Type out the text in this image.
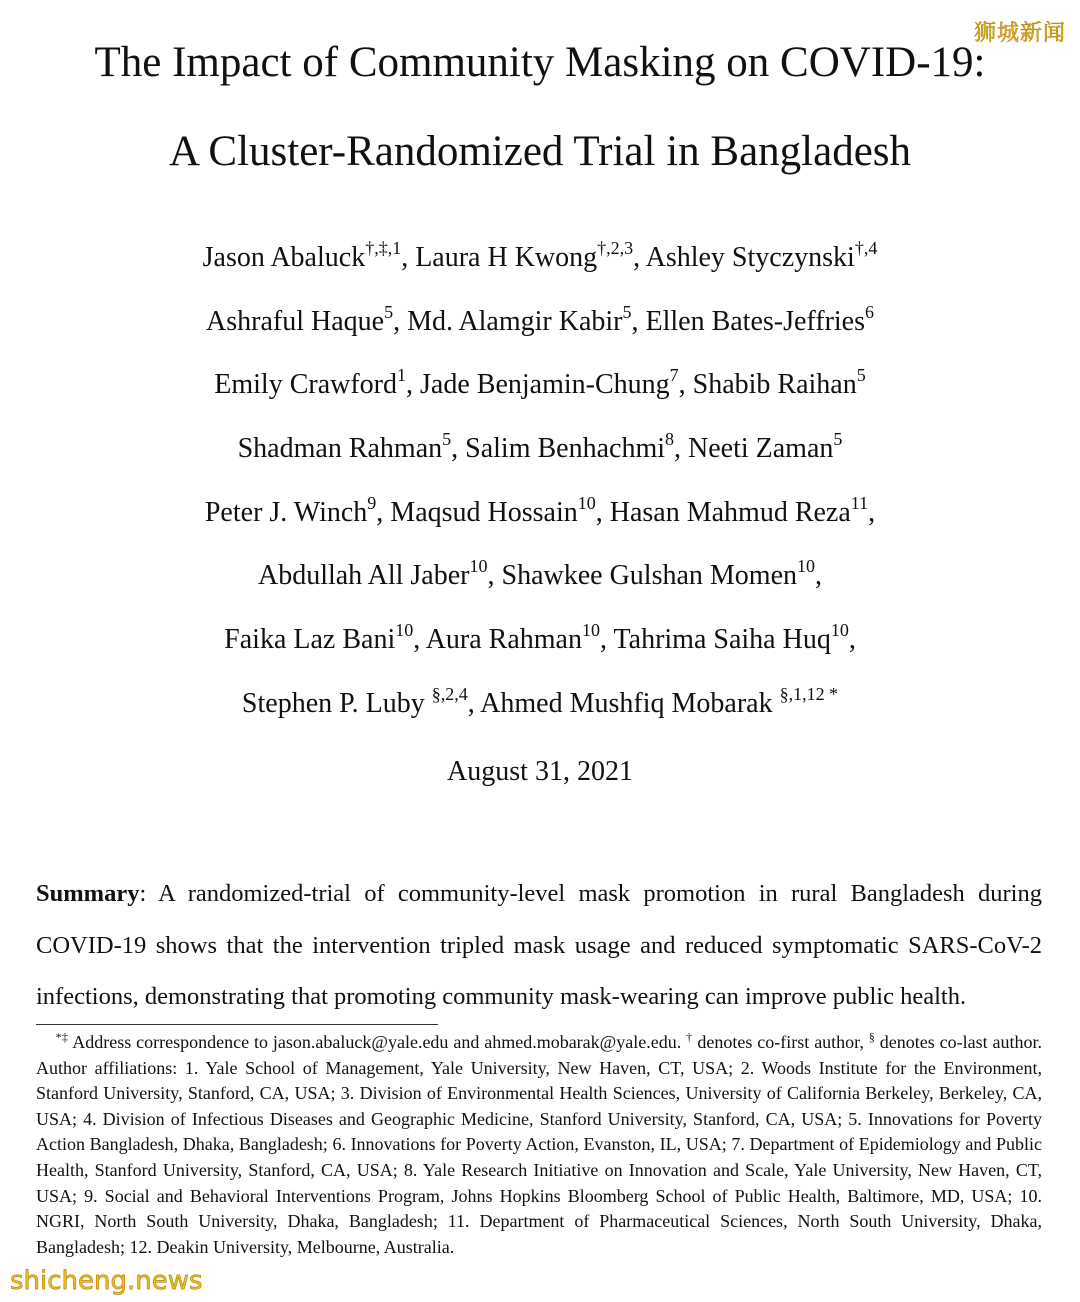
狮城新闻
The Impact of Community Masking on COVID-19:
A Cluster-Randomized Trial in Bangladesh
Jason Abaluck$^{\dagger,\ddagger,1}$, Laura H Kwong$^{\dagger,2,3}$, Ashley Styczynski$^{\dagger,4}$
Ashraful Haque$^5$, Md. Alamgir Kabir$^5$, Ellen Bates-Jeffries$^6$
Emily Crawford$^1$, Jade Benjamin-Chung$^7$, Shabib Raihan$^5$
Shadman Rahman$^5$, Salim Benhachmi$^8$, Neeti Zaman$^5$
Peter J. Winch$^9$, Maqsud Hossain$^{10}$, Hasan Mahmud Reza$^{11}$,
Abdullah All Jaber$^{10}$, Shawkee Gulshan Momen$^{10}$,
Faika Laz Bani$^{10}$, Aura Rahman$^{10}$, Tahrima Saiha Huq$^{10}$,
Stephen P. Luby $^{\S,2,4}$, Ahmed Mushfiq Mobarak $^{\S,1,12 *}$
August 31, 2021
Summary: A randomized-trial of community-level mask promotion in rural Bangladesh during COVID-19 shows that the intervention tripled mask usage and reduced symptomatic SARS-CoV-2 infections, demonstrating that promoting community mask-wearing can improve public health.
*‡ Address correspondence to jason.abaluck@yale.edu and ahmed.mobarak@yale.edu. † denotes co-first author, § denotes co-last author. Author affiliations: 1. Yale School of Management, Yale University, New Haven, CT, USA; 2. Woods Institute for the Environment, Stanford University, Stanford, CA, USA; 3. Division of Environmental Health Sciences, University of California Berkeley, Berkeley, CA, USA; 4. Division of Infectious Diseases and Geographic Medicine, Stanford University, Stanford, CA, USA; 5. Innovations for Poverty Action Bangladesh, Dhaka, Bangladesh; 6. Innovations for Poverty Action, Evanston, IL, USA; 7. Department of Epidemiology and Public Health, Stanford University, Stanford, CA, USA; 8. Yale Research Initiative on Innovation and Scale, Yale University, New Haven, CT, USA; 9. Social and Behavioral Interventions Program, Johns Hopkins Bloomberg School of Public Health, Baltimore, MD, USA; 10. NGRI, North South University, Dhaka, Bangladesh; 11. Department of Pharmaceutical Sciences, North South University, Dhaka, Bangladesh; 12. Deakin University, Melbourne, Australia.
shicheng.news
